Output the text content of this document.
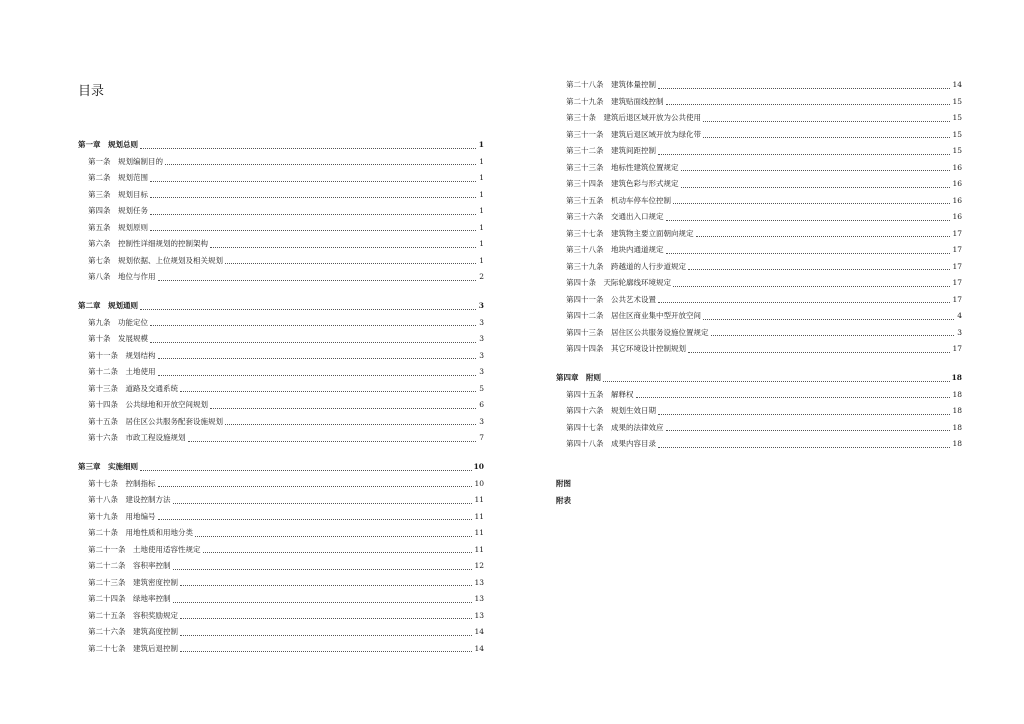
目录
第一章　规划总则	1
第一条　规划编制目的	1
第二条　规划范围	1
第三条　规划目标	1
第四条　规划任务	1
第五条　规划原则	1
第六条　控制性详细规划的控制架构	1
第七条　规划依据、上位规划及相关规划	1
第八条　地位与作用	2
第二章　规划通则	3
第九条　功能定位	3
第十条　发展规模	3
第十一条　规划结构	3
第十二条　土地使用	3
第十三条　道路及交通系统	5
第十四条　公共绿地和开放空间规划	6
第十五条　居住区公共服务配套设施规划	3
第十六条　市政工程设施规划	7
第三章　实施细则	10
第十七条　控制指标	10
第十八条　建设控制方法	11
第十九条　用地编号	11
第二十条　用地性质和用地分类	11
第二十一条　土地使用适容性规定	11
第二十二条　容积率控制	12
第二十三条　建筑密度控制	13
第二十四条　绿地率控制	13
第二十五条　容积奖励规定	13
第二十六条　建筑高度控制	14
第二十七条　建筑后退控制	14
第二十八条　建筑体量控制	14
第二十九条　建筑贴面线控制	15
第三十条　建筑后退区域开放为公共使用	15
第三十一条　建筑后退区域开放为绿化带	15
第三十二条　建筑间距控制	15
第三十三条　地标性建筑位置规定	16
第三十四条　建筑色彩与形式规定	16
第三十五条　机动车停车位控制	16
第三十六条　交通出入口规定	16
第三十七条　建筑物主要立面朝向规定	17
第三十八条　地块内通道规定	17
第三十九条　跨越道的人行步道规定	17
第四十条　天际轮廓线环境规定	17
第四十一条　公共艺术设置	17
第四十二条　居住区商业集中型开放空间	4
第四十三条　居住区公共服务设施位置规定	3
第四十四条　其它环境设计控制规划	17
第四章　附则	18
第四十五条　解释权	18
第四十六条　规划生效日期	18
第四十七条　成果的法律效应	18
第四十八条　成果内容目录	18
附图
附表
